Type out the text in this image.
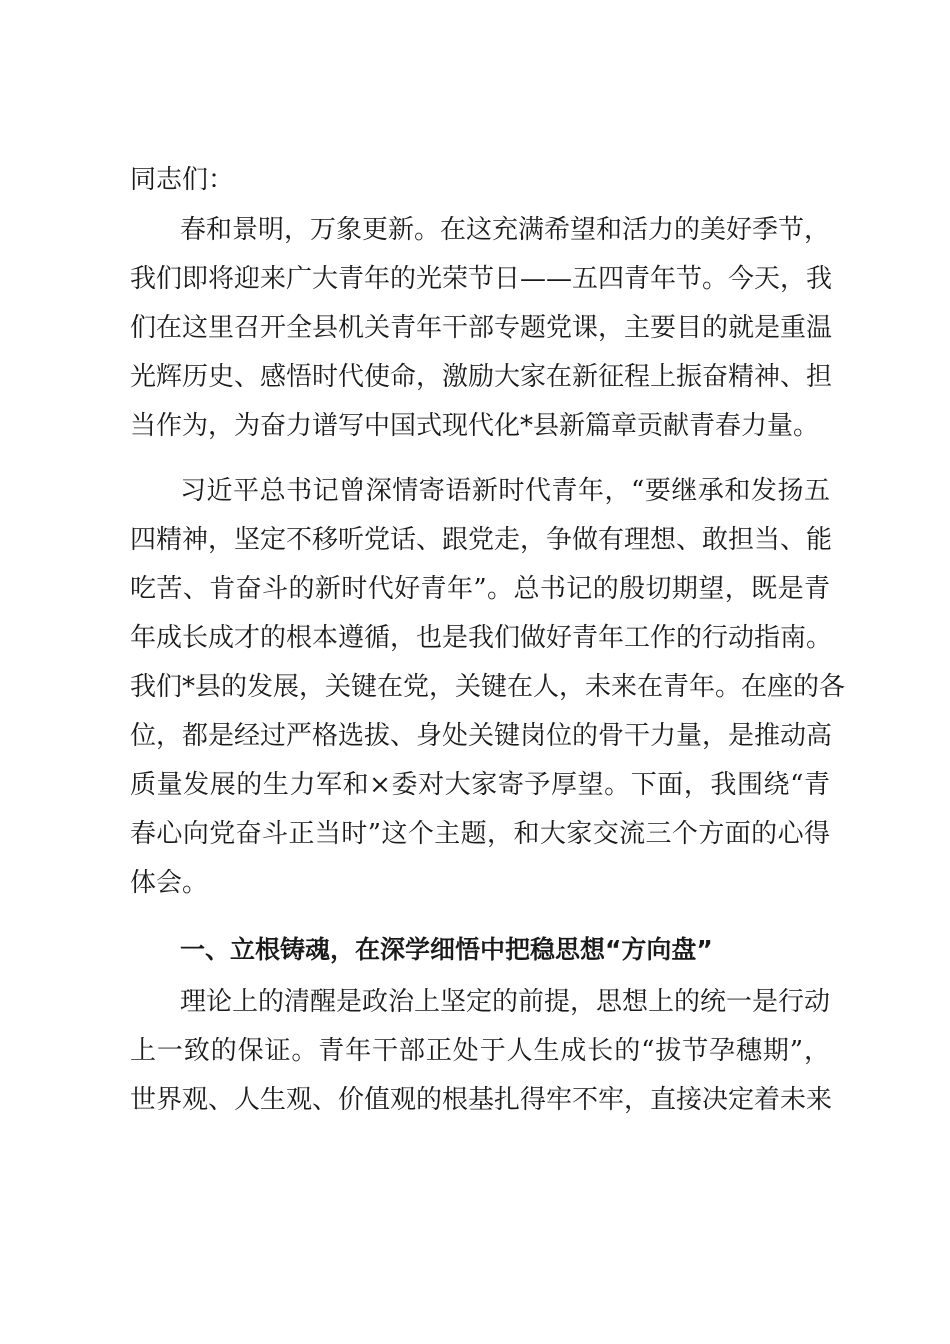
同志们：
春和景明，万象更新。在这充满希望和活力的美好季节，
我们即将迎来广大青年的光荣节日——五四青年节。今天，我
们在这里召开全县机关青年干部专题党课，主要目的就是重温
光辉历史、感悟时代使命，激励大家在新征程上振奋精神、担
当作为，为奋力谱写中国式现代化*县新篇章贡献青春力量。
习近平总书记曾深情寄语新时代青年，“要继承和发扬五
四精神，坚定不移听党话、跟党走，争做有理想、敢担当、能
吃苦、肯奋斗的新时代好青年”。总书记的殷切期望，既是青
年成长成才的根本遵循，也是我们做好青年工作的行动指南。
我们*县的发展，关键在党，关键在人，未来在青年。在座的各
位，都是经过严格选拔、身处关键岗位的骨干力量，是推动高
质量发展的生力军和×委对大家寄予厚望。下面，我围绕“青
春心向党奋斗正当时”这个主题，和大家交流三个方面的心得
体会。
一、立根铸魂，在深学细悟中把稳思想“方向盘”
理论上的清醒是政治上坚定的前提，思想上的统一是行动
上一致的保证。青年干部正处于人生成长的“拔节孕穗期”，
世界观、人生观、价值观的根基扎得牢不牢，直接决定着未来
